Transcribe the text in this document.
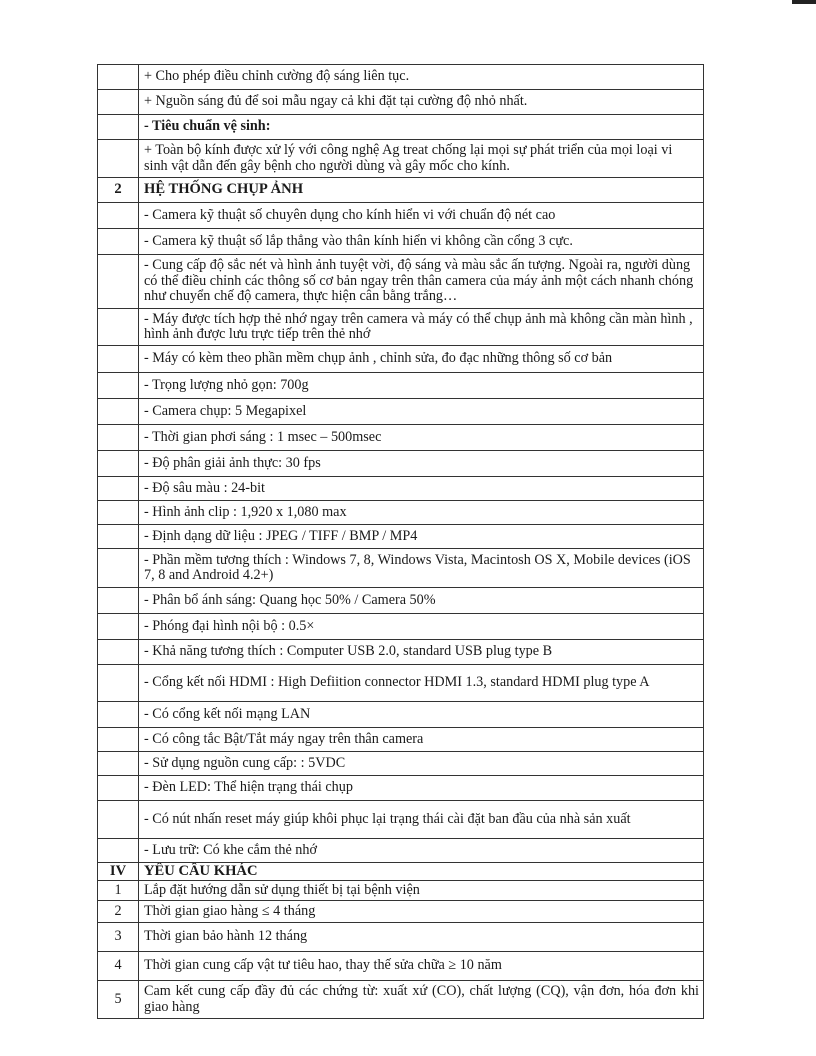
	+ Cho phép điều chỉnh cường độ sáng liên tục.
	+ Nguồn sáng đủ để soi mẫu ngay cả khi đặt tại cường độ nhỏ nhất.
	- Tiêu chuẩn vệ sinh:
	+ Toàn bộ kính được xử lý với công nghệ Ag treat chống lại mọi sự phát triển của mọi loại vi sinh vật dẫn đến gây bệnh cho người dùng và gây mốc cho kính.
2	HỆ THỐNG CHỤP ẢNH
	- Camera kỹ thuật số chuyên dụng cho kính hiển vi với chuẩn độ nét cao
	- Camera kỹ thuật số lắp thẳng vào thân kính hiển vi không cần cổng 3 cực.
	- Cung cấp độ sắc nét và hình ảnh tuyệt vời, độ sáng và màu sắc ấn tượng. Ngoài ra, người dùng có thể điều chỉnh các thông số cơ bản ngay trên thân camera của máy ảnh một cách nhanh chóng như chuyển chế độ camera, thực hiện cân bằng trắng…
	- Máy được tích hợp thẻ nhớ ngay trên camera và máy có thể chụp ảnh mà không cần màn hình , hình ảnh được lưu trực tiếp trên thẻ nhớ
	- Máy có kèm theo phần mềm chụp ảnh , chỉnh sửa, đo đạc những thông số cơ bản
	- Trọng lượng nhỏ gọn: 700g
	- Camera chụp: 5 Megapixel
	- Thời gian phơi sáng : 1 msec – 500msec
	- Độ phân giải ảnh thực: 30 fps
	- Độ sâu màu : 24-bit
	- Hình ảnh clip : 1,920 x 1,080 max
	- Định dạng dữ liệu : JPEG / TIFF / BMP / MP4
	- Phần mềm tương thích : Windows 7, 8, Windows Vista, Macintosh OS X, Mobile devices (iOS 7, 8 and Android 4.2+)
	- Phân bổ ánh sáng: Quang học 50% / Camera 50%
	- Phóng đại hình nội bộ : 0.5×
	- Khả năng tương thích : Computer USB 2.0, standard USB plug type B
	- Cổng kết nối HDMI : High Defiition connector HDMI 1.3, standard HDMI plug type A
	- Có cổng kết nối mạng LAN
	- Có công tắc Bật/Tắt máy ngay trên thân camera
	- Sử dụng nguồn cung cấp: : 5VDC
	- Đèn LED: Thể hiện trạng thái chụp
	- Có nút nhấn reset máy giúp khôi phục lại trạng thái cài đặt ban đầu của nhà sản xuất
	- Lưu trữ: Có khe cắm thẻ nhớ
IV	YÊU CẦU KHÁC
1	Lắp đặt hướng dẫn sử dụng thiết bị tại bệnh viện
2	Thời gian giao hàng ≤ 4 tháng
3	Thời gian bảo hành 12 tháng
4	Thời gian cung cấp vật tư tiêu hao, thay thế sửa chữa ≥ 10 năm
5	Cam kết cung cấp đầy đủ các chứng từ: xuất xứ (CO), chất lượng (CQ), vận đơn, hóa đơn khi giao hàng
